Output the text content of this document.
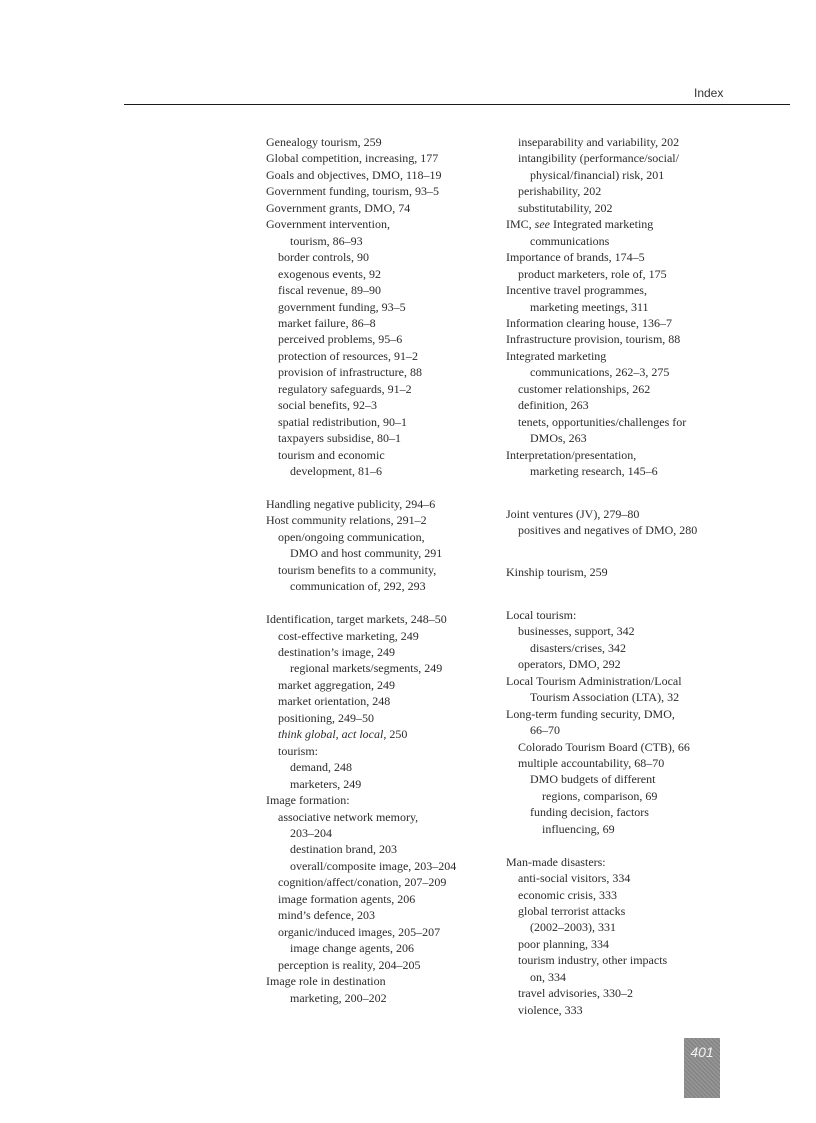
Index
Genealogy tourism, 259
Global competition, increasing, 177
Goals and objectives, DMO, 118–19
Government funding, tourism, 93–5
Government grants, DMO, 74
Government intervention,
tourism, 86–93
border controls, 90
exogenous events, 92
fiscal revenue, 89–90
government funding, 93–5
market failure, 86–8
perceived problems, 95–6
protection of resources, 91–2
provision of infrastructure, 88
regulatory safeguards, 91–2
social benefits, 92–3
spatial redistribution, 90–1
taxpayers subsidise, 80–1
tourism and economic
development, 81–6
Handling negative publicity, 294–6
Host community relations, 291–2
open/ongoing communication,
DMO and host community, 291
tourism benefits to a community,
communication of, 292, 293
Identification, target markets, 248–50
cost-effective marketing, 249
destination’s image, 249
regional markets/segments, 249
market aggregation, 249
market orientation, 248
positioning, 249–50
think global, act local, 250
tourism:
demand, 248
marketers, 249
Image formation:
associative network memory,
203–204
destination brand, 203
overall/composite image, 203–204
cognition/affect/conation, 207–209
image formation agents, 206
mind’s defence, 203
organic/induced images, 205–207
image change agents, 206
perception is reality, 204–205
Image role in destination
marketing, 200–202
inseparability and variability, 202
intangibility (performance/social/
physical/financial) risk, 201
perishability, 202
substitutability, 202
IMC, see Integrated marketing
communications
Importance of brands, 174–5
product marketers, role of, 175
Incentive travel programmes,
marketing meetings, 311
Information clearing house, 136–7
Infrastructure provision, tourism, 88
Integrated marketing
communications, 262–3, 275
customer relationships, 262
definition, 263
tenets, opportunities/challenges for
DMOs, 263
Interpretation/presentation,
marketing research, 145–6
Joint ventures (JV), 279–80
positives and negatives of DMO, 280
Kinship tourism, 259
Local tourism:
businesses, support, 342
disasters/crises, 342
operators, DMO, 292
Local Tourism Administration/Local
Tourism Association (LTA), 32
Long-term funding security, DMO,
66–70
Colorado Tourism Board (CTB), 66
multiple accountability, 68–70
DMO budgets of different
regions, comparison, 69
funding decision, factors
influencing, 69
Man-made disasters:
anti-social visitors, 334
economic crisis, 333
global terrorist attacks
(2002–2003), 331
poor planning, 334
tourism industry, other impacts
on, 334
travel advisories, 330–2
violence, 333
401
